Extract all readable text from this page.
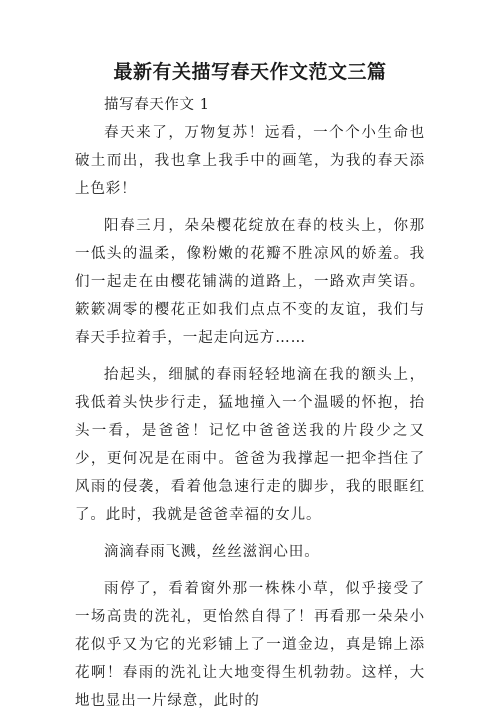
最新有关描写春天作文范文三篇

描写春天作文 1

春天来了，万物复苏！远看，一个个小生命也破土而出，我也拿上我手中的画笔，为我的春天添上色彩！

阳春三月，朵朵樱花绽放在春的枝头上，你那一低头的温柔，像粉嫩的花瓣不胜凉风的娇羞。我们一起走在由樱花铺满的道路上，一路欢声笑语。簌簌凋零的樱花正如我们点点不变的友谊，我们与春天手拉着手，一起走向远方……

抬起头，细腻的春雨轻轻地滴在我的额头上，我低着头快步行走，猛地撞入一个温暖的怀抱，抬头一看，是爸爸！记忆中爸爸送我的片段少之又少，更何况是在雨中。爸爸为我撑起一把伞挡住了风雨的侵袭，看着他急速行走的脚步，我的眼眶红了。此时，我就是爸爸幸福的女儿。

滴滴春雨飞溅，丝丝滋润心田。

雨停了，看着窗外那一株株小草，似乎接受了一场高贵的洗礼，更怡然自得了！再看那一朵朵小花似乎又为它的光彩铺上了一道金边，真是锦上添花啊！春雨的洗礼让大地变得生机勃勃。这样，大地也显出一片绿意，此时的
